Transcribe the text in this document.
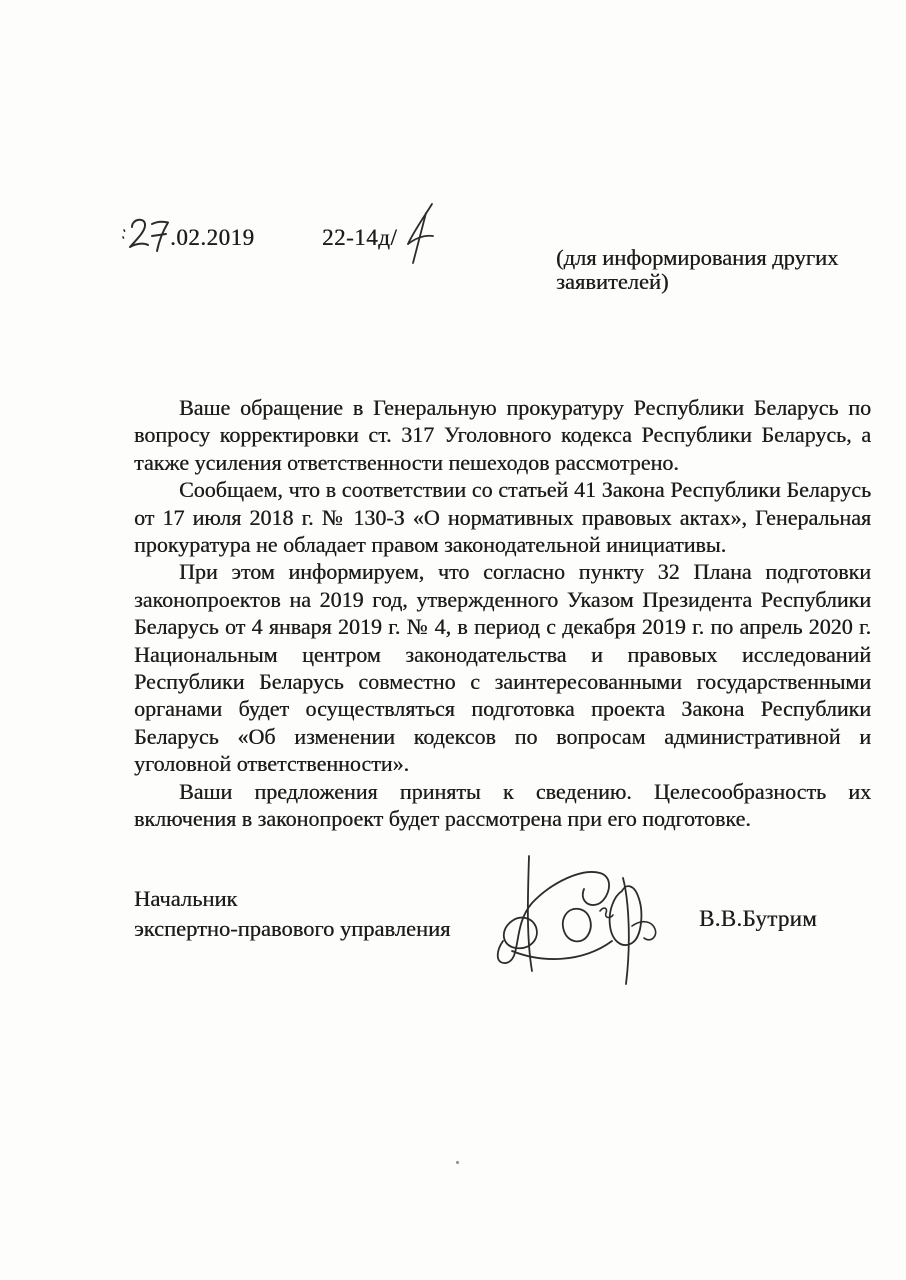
.02.2019	22-14д/
(для информирования других заявителей)

Ваше обращение в Генеральную прокуратуру Республики Беларусь по вопросу корректировки ст. 317 Уголовного кодекса Республики Беларусь, а также усиления ответственности пешеходов рассмотрено.

Сообщаем, что в соответствии со статьей 41 Закона Республики Беларусь от 17 июля 2018 г. № 130-З «О нормативных правовых актах», Генеральная прокуратура не обладает правом законодательной инициативы.

При этом информируем, что согласно пункту 32 Плана подготовки законопроектов на 2019 год, утвержденного Указом Президента Республики Беларусь от 4 января 2019 г. № 4, в период с декабря 2019 г. по апрель 2020 г. Национальным центром законодательства и правовых исследований Республики Беларусь совместно с заинтересованными государственными органами будет осуществляться подготовка проекта Закона Республики Беларусь «Об изменении кодексов по вопросам административной и уголовной ответственности».

Ваши предложения приняты к сведению. Целесообразность их включения в законопроект будет рассмотрена при его подготовке.

Начальник
экспертно-правового управления	В.В.Бутрим
